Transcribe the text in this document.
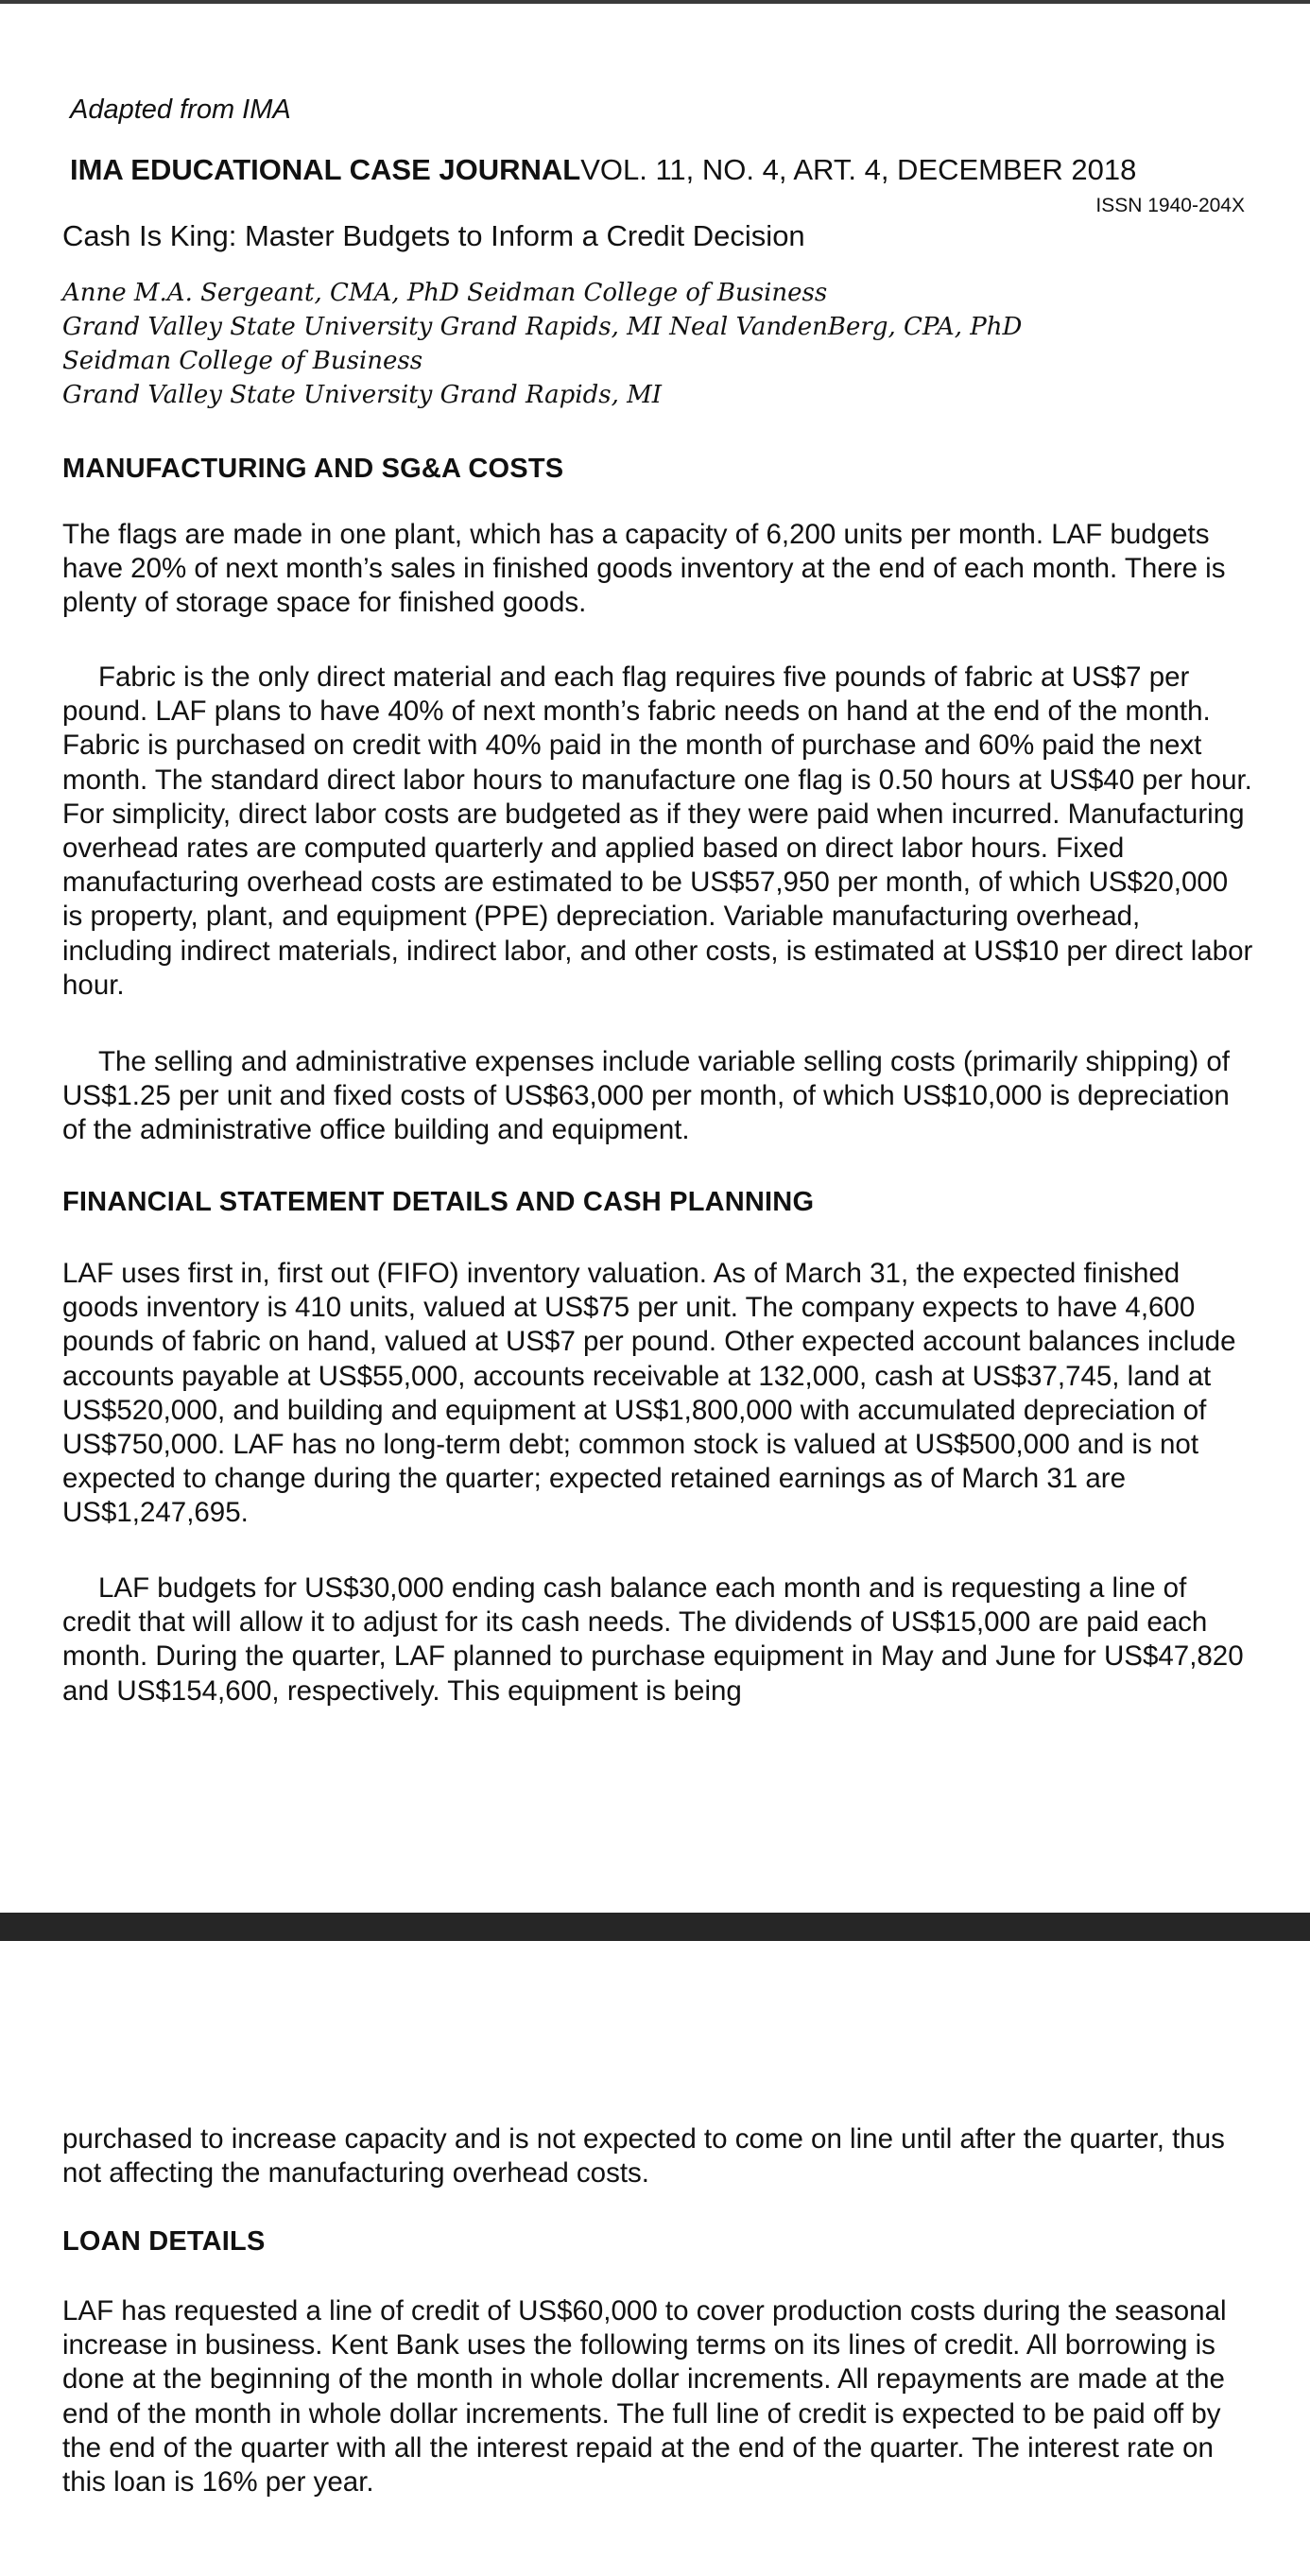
Adapted from IMA

IMA EDUCATIONAL CASE JOURNALVOL. 11, NO. 4, ART. 4, DECEMBER 2018

ISSN 1940-204X

Cash Is King: Master Budgets to Inform a Credit Decision

Anne M.A. Sergeant, CMA, PhD Seidman College of Business
Grand Valley State University Grand Rapids, MI Neal VandenBerg, CPA, PhD
Seidman College of Business
Grand Valley State University Grand Rapids, MI
MANUFACTURING AND SG&A COSTS

The flags are made in one plant, which has a capacity of 6,200 units per month. LAF budgets have 20% of next month’s sales in finished goods inventory at the end of each month. There is plenty of storage space for finished goods.

Fabric is the only direct material and each flag requires five pounds of fabric at US$7 per pound. LAF plans to have 40% of next month’s fabric needs on hand at the end of the month. Fabric is purchased on credit with 40% paid in the month of purchase and 60% paid the next month. The standard direct labor hours to manufacture one flag is 0.50 hours at US$40 per hour. For simplicity, direct labor costs are budgeted as if they were paid when incurred. Manufacturing overhead rates are computed quarterly and applied based on direct labor hours. Fixed manufacturing overhead costs are estimated to be US$57,950 per month, of which US$20,000 is property, plant, and equipment (PPE) depreciation. Variable manufacturing overhead, including indirect materials, indirect labor, and other costs, is estimated at US$10 per direct labor hour.

The selling and administrative expenses include variable selling costs (primarily shipping) of US$1.25 per unit and fixed costs of US$63,000 per month, of which US$10,000 is depreciation of the administrative office building and equipment.

FINANCIAL STATEMENT DETAILS AND CASH PLANNING

LAF uses first in, first out (FIFO) inventory valuation. As of March 31, the expected finished goods inventory is 410 units, valued at US$75 per unit. The company expects to have 4,600 pounds of fabric on hand, valued at US$7 per pound. Other expected account balances include accounts payable at US$55,000, accounts receivable at 132,000, cash at US$37,745, land at US$520,000, and building and equipment at US$1,800,000 with accumulated depreciation of US$750,000. LAF has no long-term debt; common stock is valued at US$500,000 and is not expected to change during the quarter; expected retained earnings as of March 31 are US$1,247,695.

LAF budgets for US$30,000 ending cash balance each month and is requesting a line of credit that will allow it to adjust for its cash needs. The dividends of US$15,000 are paid each month. During the quarter, LAF planned to purchase equipment in May and June for US$47,820 and US$154,600, respectively. This equipment is being

purchased to increase capacity and is not expected to come on line until after the quarter, thus not affecting the manufacturing overhead costs.

LOAN DETAILS

LAF has requested a line of credit of US$60,000 to cover production costs during the seasonal increase in business. Kent Bank uses the following terms on its lines of credit. All borrowing is done at the beginning of the month in whole dollar increments. All repayments are made at the end of the month in whole dollar increments. The full line of credit is expected to be paid off by the end of the quarter with all the interest repaid at the end of the quarter. The interest rate on this loan is 16% per year.
